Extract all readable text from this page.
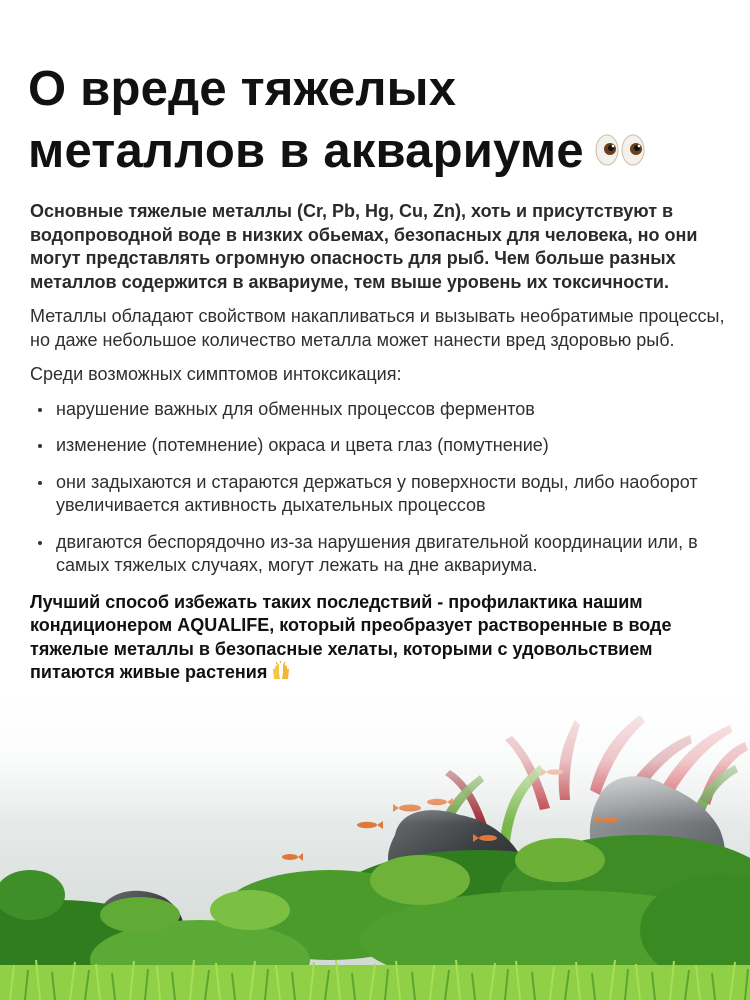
О вреде тяжелых
металлов в аквариуме

Основные тяжелые металлы (Cr, Pb, Hg, Cu, Zn), хоть и присутствуют в водопроводной воде в низких обьемах, безопасных для человека, но они могут представлять огромную опасность для рыб. Чем больше разных металлов содержится в аквариуме, тем выше уровень их токсичности.

Металлы обладают свойством накапливаться и вызывать необратимые процессы, но даже небольшое количество металла может нанести вред здоровью рыб.

Среди возможных симптомов интоксикация:

нарушение важных для обменных процессов ферментов
изменение (потемнение) окраса и цвета глаз (помутнение)
они задыхаются и стараются держаться у поверхности воды, либо наоборот увеличивается активность дыхательных процессов
двигаются беспорядочно из-за нарушения двигательной координации или, в самых тяжелых случаях, могут лежать на дне аквариума.

Лучший способ избежать таких последствий - профилактика нашим кондиционером AQUALIFE, который преобразует растворенные в воде тяжелые металлы в безопасные хелаты, которыми с удовольствием питаются живые растения
